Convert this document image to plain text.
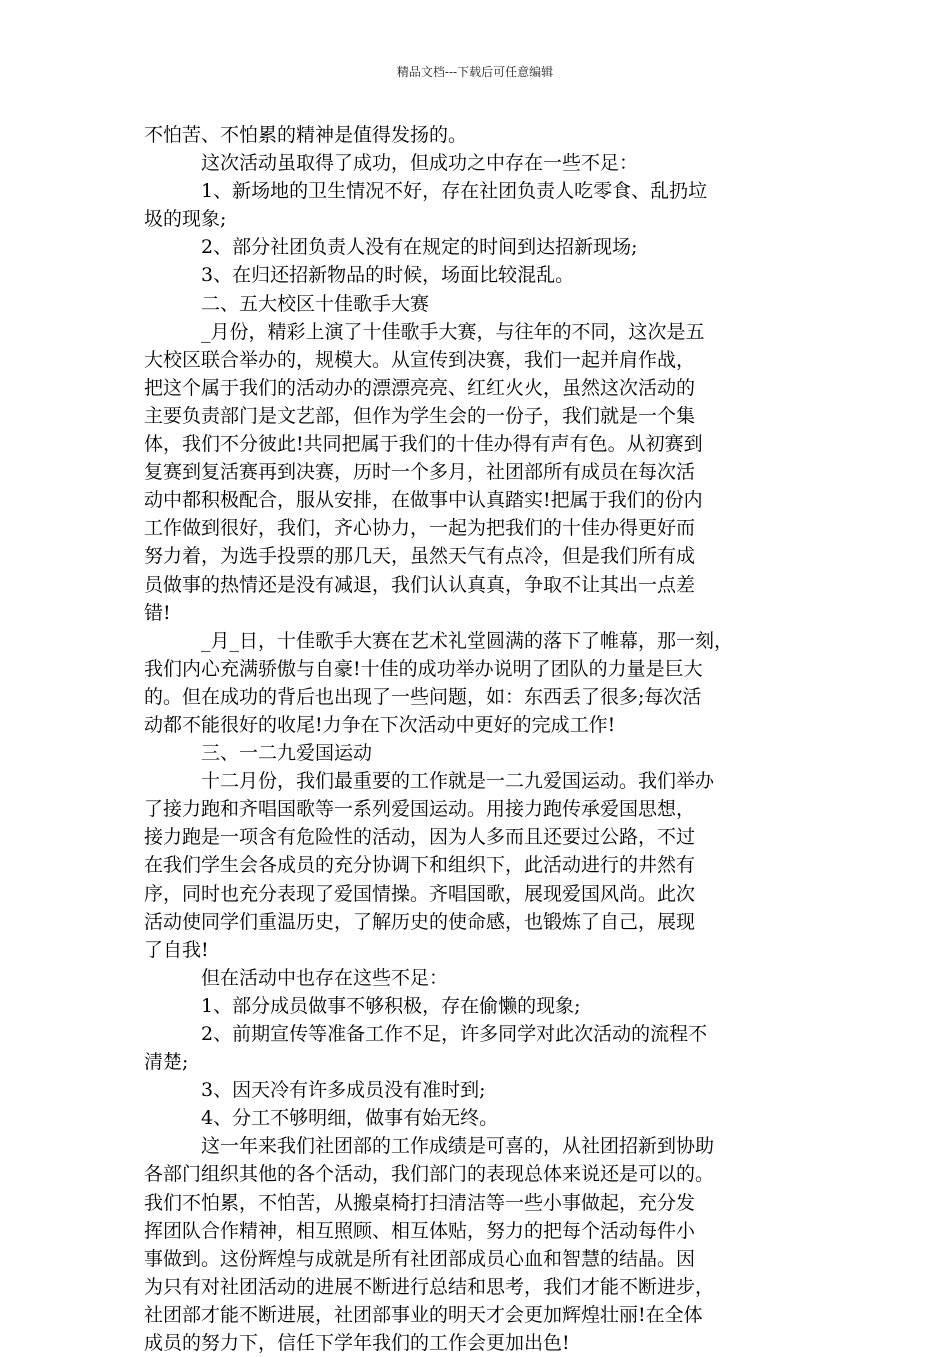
精品文档---下载后可任意编辑
不怕苦、不怕累的精神是值得发扬的。
这次活动虽取得了成功，但成功之中存在一些不足：
1、新场地的卫生情况不好，存在社团负责人吃零食、乱扔垃
圾的现象;
2、部分社团负责人没有在规定的时间到达招新现场;
3、在归还招新物品的时候，场面比较混乱。
二、五大校区十佳歌手大赛
_月份，精彩上演了十佳歌手大赛，与往年的不同，这次是五
大校区联合举办的，规模大。从宣传到决赛，我们一起并肩作战，
把这个属于我们的活动办的漂漂亮亮、红红火火，虽然这次活动的
主要负责部门是文艺部，但作为学生会的一份子，我们就是一个集
体，我们不分彼此!共同把属于我们的十佳办得有声有色。从初赛到
复赛到复活赛再到决赛，历时一个多月，社团部所有成员在每次活
动中都积极配合，服从安排，在做事中认真踏实!把属于我们的份内
工作做到很好，我们，齐心协力，一起为把我们的十佳办得更好而
努力着，为选手投票的那几天，虽然天气有点冷，但是我们所有成
员做事的热情还是没有减退，我们认认真真，争取不让其出一点差
错!
_月_日，十佳歌手大赛在艺术礼堂圆满的落下了帷幕，那一刻，
我们内心充满骄傲与自豪!十佳的成功举办说明了团队的力量是巨大
的。但在成功的背后也出现了一些问题，如：东西丢了很多;每次活
动都不能很好的收尾!力争在下次活动中更好的完成工作!
三、一二九爱国运动
十二月份，我们最重要的工作就是一二九爱国运动。我们举办
了接力跑和齐唱国歌等一系列爱国运动。用接力跑传承爱国思想，
接力跑是一项含有危险性的活动，因为人多而且还要过公路，不过
在我们学生会各成员的充分协调下和组织下，此活动进行的井然有
序，同时也充分表现了爱国情操。齐唱国歌，展现爱国风尚。此次
活动使同学们重温历史，了解历史的使命感，也锻炼了自己，展现
了自我!
但在活动中也存在这些不足：
1、部分成员做事不够积极，存在偷懒的现象;
2、前期宣传等准备工作不足，许多同学对此次活动的流程不
清楚;
3、因天冷有许多成员没有准时到;
4、分工不够明细，做事有始无终。
这一年来我们社团部的工作成绩是可喜的，从社团招新到协助
各部门组织其他的各个活动，我们部门的表现总体来说还是可以的。
我们不怕累，不怕苦，从搬桌椅打扫清洁等一些小事做起，充分发
挥团队合作精神，相互照顾、相互体贴，努力的把每个活动每件小
事做到。这份辉煌与成就是所有社团部成员心血和智慧的结晶。因
为只有对社团活动的进展不断进行总结和思考，我们才能不断进步，
社团部才能不断进展，社团部事业的明天才会更加辉煌壮丽!在全体
成员的努力下，信任下学年我们的工作会更加出色!
